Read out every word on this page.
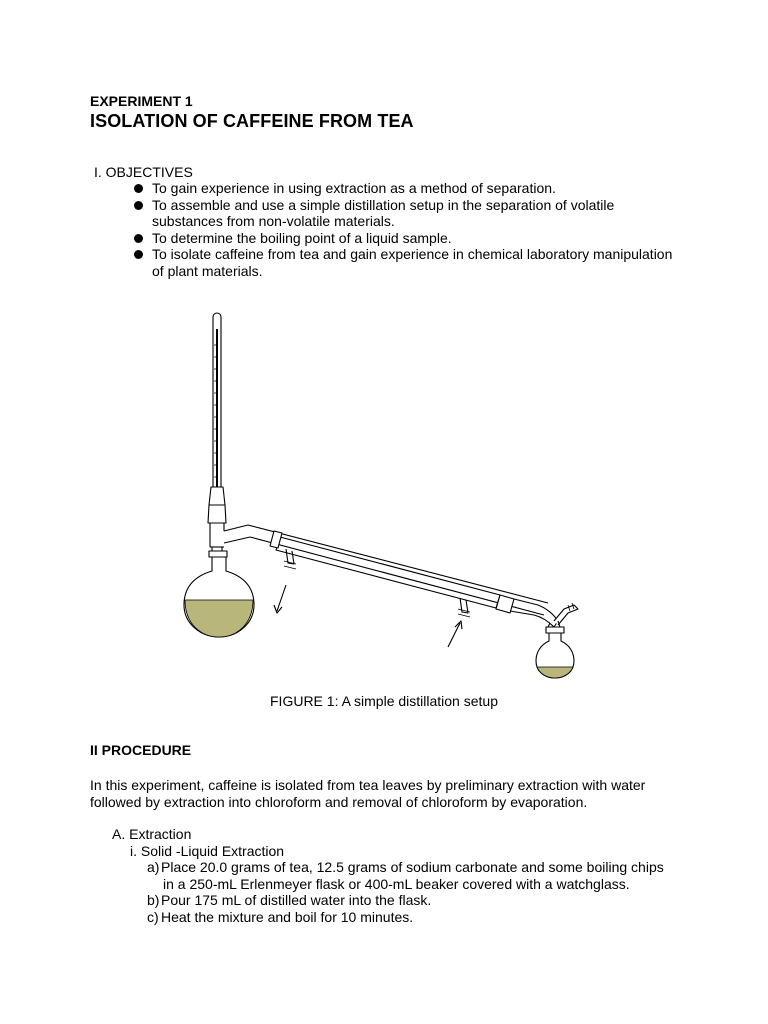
EXPERIMENT 1
ISOLATION OF CAFFEINE FROM TEA
I. OBJECTIVES
To gain experience in using extraction as a method of separation.
To assemble and use a simple distillation setup in the separation of volatile
substances from non-volatile materials.
To determine the boiling point of a liquid sample.
To isolate caffeine from tea and gain experience in chemical laboratory manipulation
of plant materials.
FIGURE 1: A simple distillation setup
II PROCEDURE
In this experiment, caffeine is isolated from tea leaves by preliminary extraction with water
followed by extraction into chloroform and removal of chloroform by evaporation.
A. Extraction
i. Solid -Liquid Extraction
a) Place 20.0 grams of tea, 12.5 grams of sodium carbonate and some boiling chips
in a 250-mL Erlenmeyer flask or 400-mL beaker covered with a watchglass.
b) Pour 175 mL of distilled water into the flask.
c) Heat the mixture and boil for 10 minutes.
